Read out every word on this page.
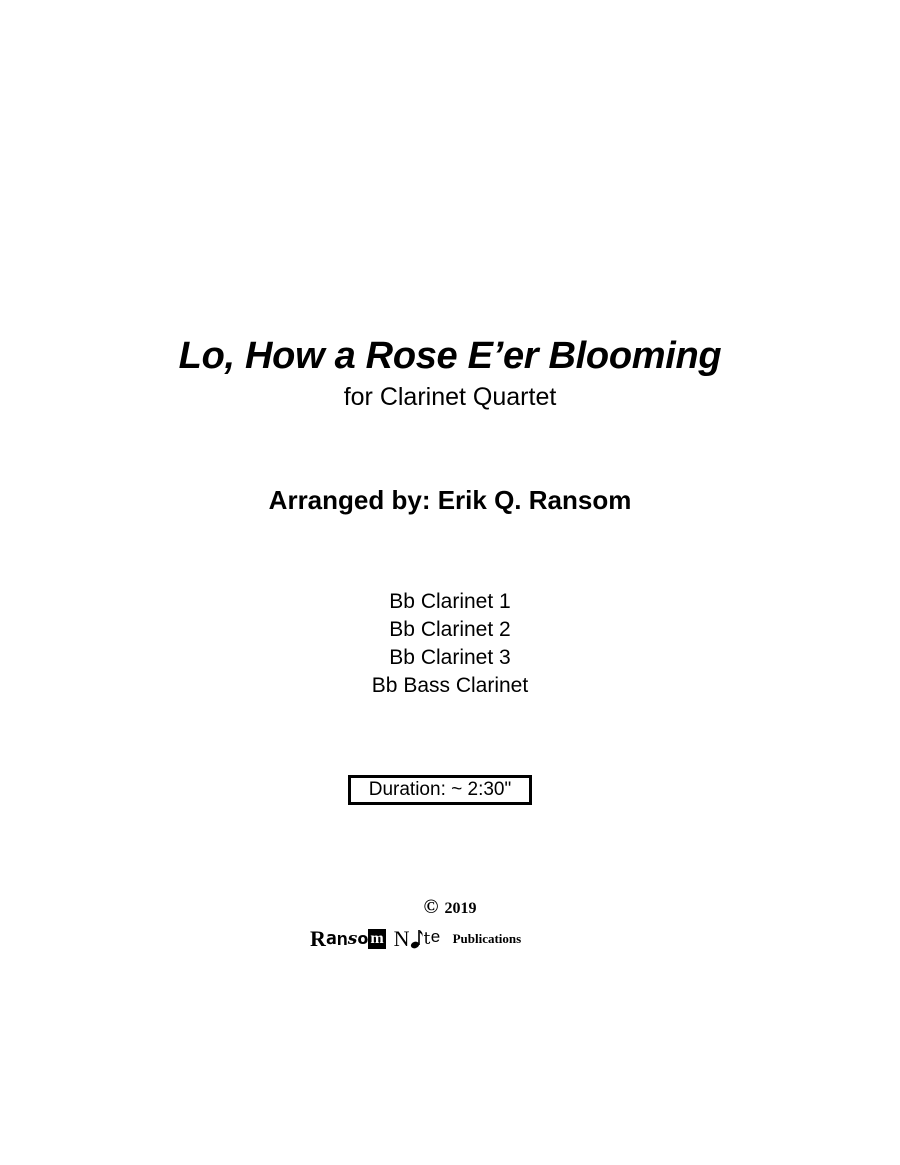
Lo, How a Rose E’er Blooming
for Clarinet Quartet
Arranged by: Erik Q. Ransom
Bb Clarinet 1
Bb Clarinet 2
Bb Clarinet 3
Bb Bass Clarinet
Duration: ~ 2:30"
© 2019
Ranso m N te Publications
